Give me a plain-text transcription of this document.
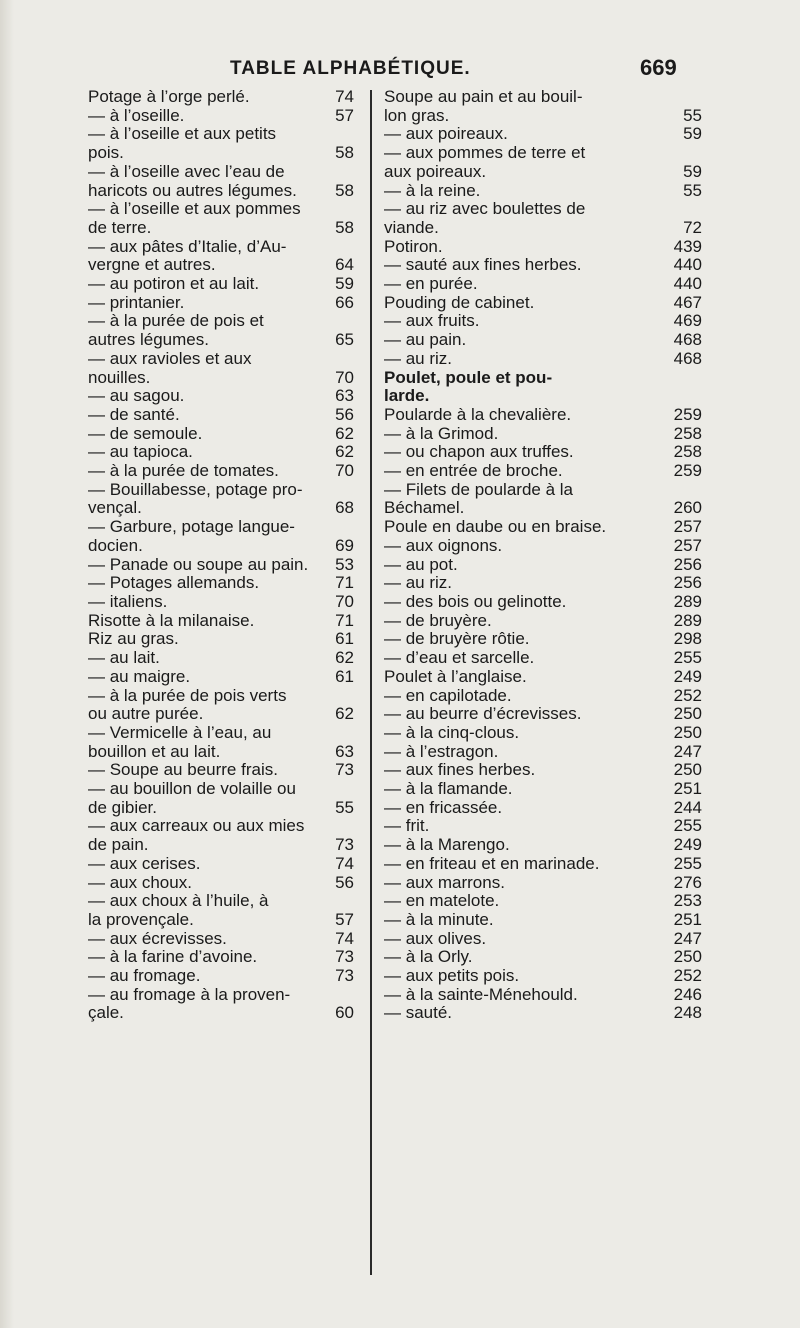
TABLE ALPHABÉTIQUE.	669
Potage à l’orge perlé.	74
— à l’oseille.	57
— à l’oseille et aux petits
pois.	58
— à l’oseille avec l’eau de
haricots ou autres légumes.	58
— à l’oseille et aux pommes
de terre.	58
— aux pâtes d’Italie, d’Au-
vergne et autres.	64
— au potiron et au lait.	59
— printanier.	66
— à la purée de pois et
autres légumes.	65
— aux ravioles et aux
nouilles.	70
— au sagou.	63
— de santé.	56
— de semoule.	62
— au tapioca.	62
— à la purée de tomates.	70
— Bouillabesse, potage pro-
vençal.	68
— Garbure, potage langue-
docien.	69
— Panade ou soupe au pain.	53
— Potages allemands.	71
— italiens.	70
Risotte à la milanaise.	71
Riz au gras.	61
— au lait.	62
— au maigre.	61
— à la purée de pois verts
ou autre purée.	62
— Vermicelle à l’eau, au
bouillon et au lait.	63
— Soupe au beurre frais.	73
— au bouillon de volaille ou
de gibier.	55
— aux carreaux ou aux mies
de pain.	73
— aux cerises.	74
— aux choux.	56
— aux choux à l’huile, à
la provençale.	57
— aux écrevisses.	74
— à la farine d’avoine.	73
— au fromage.	73
— au fromage à la proven-
çale.	60
Soupe au pain et au bouil-
lon gras.	55
— aux poireaux.	59
— aux pommes de terre et
aux poireaux.	59
— à la reine.	55
— au riz avec boulettes de
viande.	72
Potiron.	439
— sauté aux fines herbes.	440
— en purée.	440
Pouding de cabinet.	467
— aux fruits.	469
— au pain.	468
— au riz.	468
Poulet, poule et pou-
larde.
Poularde à la chevalière.	259
— à la Grimod.	258
— ou chapon aux truffes.	258
— en entrée de broche.	259
— Filets de poularde à la
Béchamel.	260
Poule en daube ou en braise.	257
— aux oignons.	257
— au pot.	256
— au riz.	256
— des bois ou gelinotte.	289
— de bruyère.	289
— de bruyère rôtie.	298
— d’eau et sarcelle.	255
Poulet à l’anglaise.	249
— en capilotade.	252
— au beurre d’écrevisses.	250
— à la cinq-clous.	250
— à l’estragon.	247
— aux fines herbes.	250
— à la flamande.	251
— en fricassée.	244
— frit.	255
— à la Marengo.	249
— en friteau et en marinade.	255
— aux marrons.	276
— en matelote.	253
— à la minute.	251
— aux olives.	247
— à la Orly.	250
— aux petits pois.	252
— à la sainte-Ménehould.	246
— sauté.	248
